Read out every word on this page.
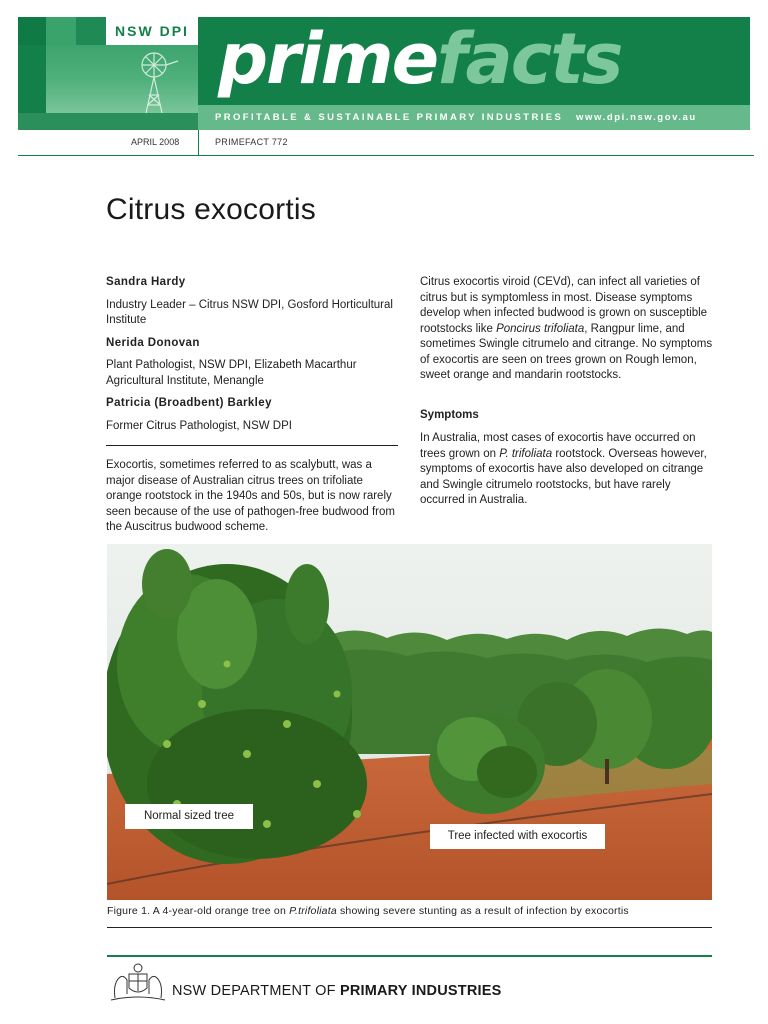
NSW DPI primefacts
PROFITABLE & SUSTAINABLE PRIMARY INDUSTRIES www.dpi.nsw.gov.au
APRIL 2008	PRIMEFACT 772
Citrus exocortis
Sandra Hardy
Industry Leader – Citrus NSW DPI, Gosford Horticultural Institute
Nerida Donovan
Plant Pathologist, NSW DPI, Elizabeth Macarthur Agricultural Institute, Menangle
Patricia (Broadbent) Barkley
Former Citrus Pathologist, NSW DPI

Exocortis, sometimes referred to as scalybutt, was a major disease of Australian citrus trees on trifoliate orange rootstock in the 1940s and 50s, but is now rarely seen because of the use of pathogen-free budwood from the Auscitrus budwood scheme.

Citrus exocortis viroid (CEVd), can infect all varieties of citrus but is symptomless in most. Disease symptoms develop when infected budwood is grown on susceptible rootstocks like Poncirus trifoliata, Rangpur lime, and sometimes Swingle citrumelo and citrange. No symptoms of exocortis are seen on trees grown on Rough lemon, sweet orange and mandarin rootstocks.

Symptoms

In Australia, most cases of exocortis have occurred on trees grown on P. trifoliata rootstock. Overseas however, symptoms of exocortis have also developed on citrange and Swingle citrumelo rootstocks, but have rarely occurred in Australia.

Normal sized tree
Tree infected with exocortis
Figure 1. A 4-year-old orange tree on P.trifoliata showing severe stunting as a result of infection by exocortis
NSW DEPARTMENT OF PRIMARY INDUSTRIES
